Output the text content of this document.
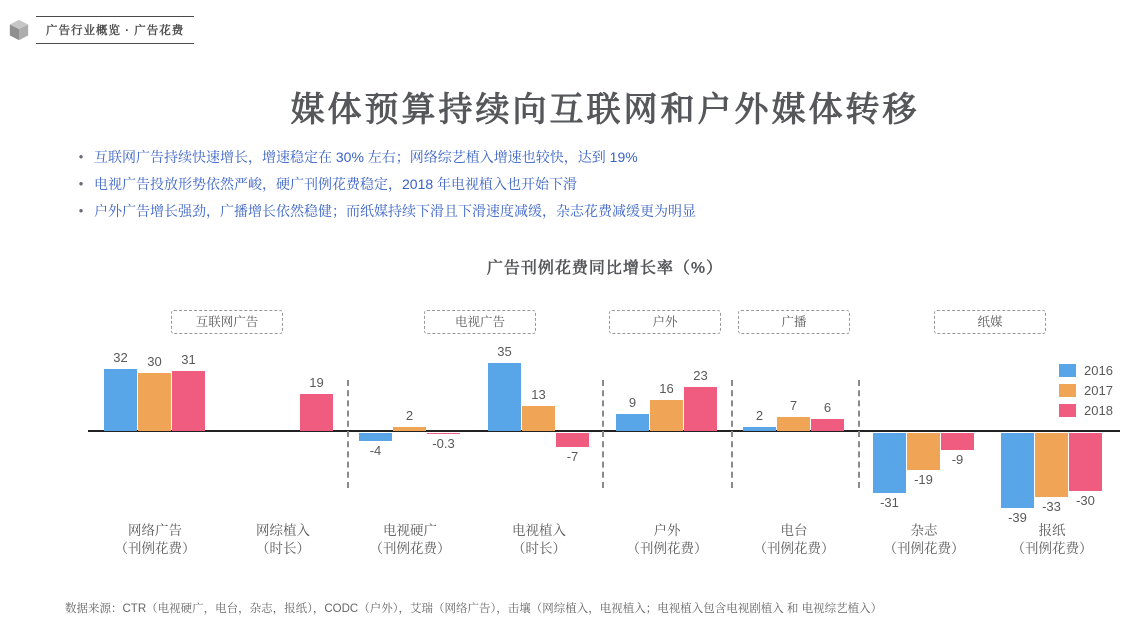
广告行业概览 · 广告花费
媒体预算持续向互联网和户外媒体转移
• 互联网广告持续快速增长，增速稳定在 30% 左右；网络综艺植入增速也较快，达到 19%
• 电视广告投放形势依然严峻，硬广刊例花费稳定，2018 年电视植入也开始下滑
• 户外广告增长强劲，广播增长依然稳健；而纸媒持续下滑且下滑速度减缓，杂志花费减缓更为明显
广告刊例花费同比增长率（%）
2016
2017
2018
互联网广告	电视广告	户外	广播	纸媒
32	30	31
网络广告
（刊例花费）
19
网综植入
（时长）
-4
2
-0.3
电视硬广
（刊例花费）
35
13
-7
电视植入
（时长）
9
16
23
户外
（刊例花费）
2
7	6
电台
（刊例花费）
-31
-19
-9
杂志
（刊例花费）
-39
-33	-30
报纸
（刊例花费）
数据来源：CTR（电视硬广，电台，杂志，报纸），CODC（户外），艾瑞（网络广告），击壤（网综植入，电视植入；电视植入包含电视剧植入 和 电视综艺植入）
